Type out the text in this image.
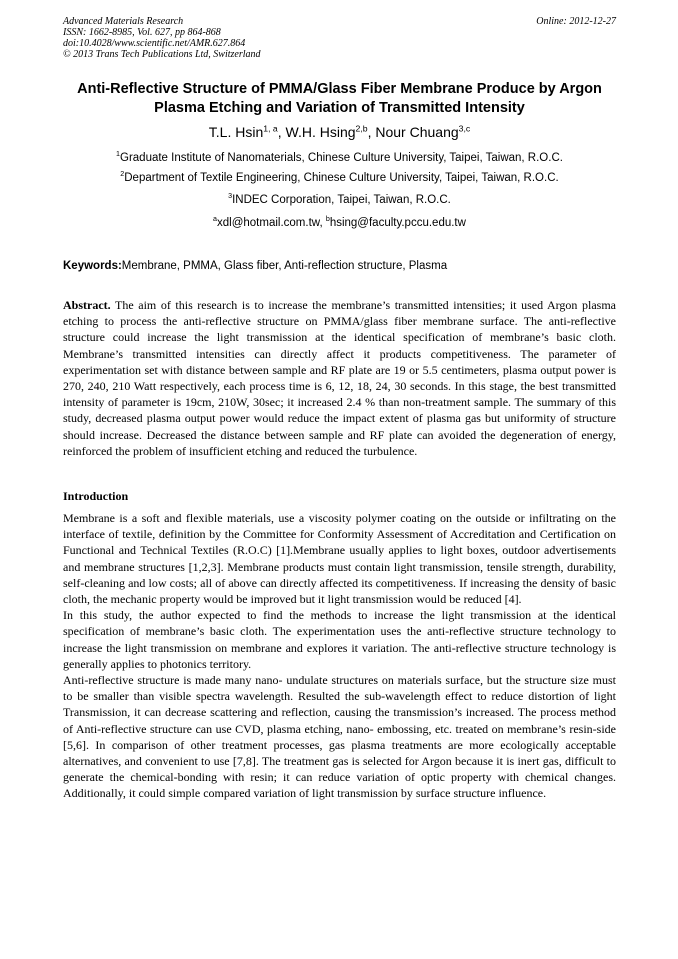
Advanced Materials Research
ISSN: 1662-8985, Vol. 627, pp 864-868
doi:10.4028/www.scientific.net/AMR.627.864
© 2013 Trans Tech Publications Ltd, Switzerland
Online: 2012-12-27
Anti-Reflective Structure of PMMA/Glass Fiber Membrane Produce by Argon Plasma Etching and Variation of Transmitted Intensity
T.L. Hsin$^{1, a}$, W.H. Hsing$^{2,b}$, Nour Chuang$^{3,c}$
$^1$Graduate Institute of Nanomaterials, Chinese Culture University, Taipei, Taiwan, R.O.C.
$^2$Department of Textile Engineering, Chinese Culture University, Taipei, Taiwan, R.O.C.
$^3$INDEC Corporation, Taipei, Taiwan, R.O.C.
$^a$xdl@hotmail.com.tw, $^b$hsing@faculty.pccu.edu.tw
Keywords:Membrane, PMMA, Glass fiber, Anti-reflection structure, Plasma

Abstract. The aim of this research is to increase the membrane’s transmitted intensities; it used Argon plasma etching to process the anti-reflective structure on PMMA/glass fiber membrane surface. The anti-reflective structure could increase the light transmission at the identical specification of membrane’s basic cloth. Membrane’s transmitted intensities can directly affect it products competitiveness. The parameter of experimentation set with distance between sample and RF plate are 19 or 5.5 centimeters, plasma output power is 270, 240, 210 Watt respectively, each process time is 6, 12, 18, 24, 30 seconds. In this stage, the best transmitted intensity of parameter is 19cm, 210W, 30sec; it increased 2.4 % than non-treatment sample. The summary of this study, decreased plasma output power would reduce the impact extent of plasma gas but uniformity of structure should increase. Decreased the distance between sample and RF plate can avoided the degeneration of energy, reinforced the problem of insufficient etching and reduced the turbulence.

Introduction

Membrane is a soft and flexible materials, use a viscosity polymer coating on the outside or infiltrating on the interface of textile, definition by the Committee for Conformity Assessment of Accreditation and Certification on Functional and Technical Textiles (R.O.C) [1].Membrane usually applies to light boxes, outdoor advertisements and membrane structures [1,2,3]. Membrane products must contain light transmission, tensile strength, durability, self-cleaning and low costs; all of above can directly affected its competitiveness. If increasing the density of basic cloth, the mechanic property would be improved but it light transmission would be reduced [4].

In this study, the author expected to find the methods to increase the light transmission at the identical specification of membrane’s basic cloth. The experimentation uses the anti-reflective structure technology to increase the light transmission on membrane and explores it variation. The anti-reflective structure technology is generally applies to photonics territory.

Anti-reflective structure is made many nano- undulate structures on materials surface, but the structure size must to be smaller than visible spectra wavelength. Resulted the sub-wavelength effect to reduce distortion of light Transmission, it can decrease scattering and reflection, causing the transmission’s increased. The process method of Anti-reflective structure can use CVD, plasma etching, nano- embossing, etc. treated on membrane’s resin-side [5,6]. In comparison of other treatment processes, gas plasma treatments are more ecologically acceptable alternatives, and convenient to use [7,8]. The treatment gas is selected for Argon because it is inert gas, difficult to generate the chemical-bonding with resin; it can reduce variation of optic property with chemical changes. Additionally, it could simple compared variation of light transmission by surface structure influence.
